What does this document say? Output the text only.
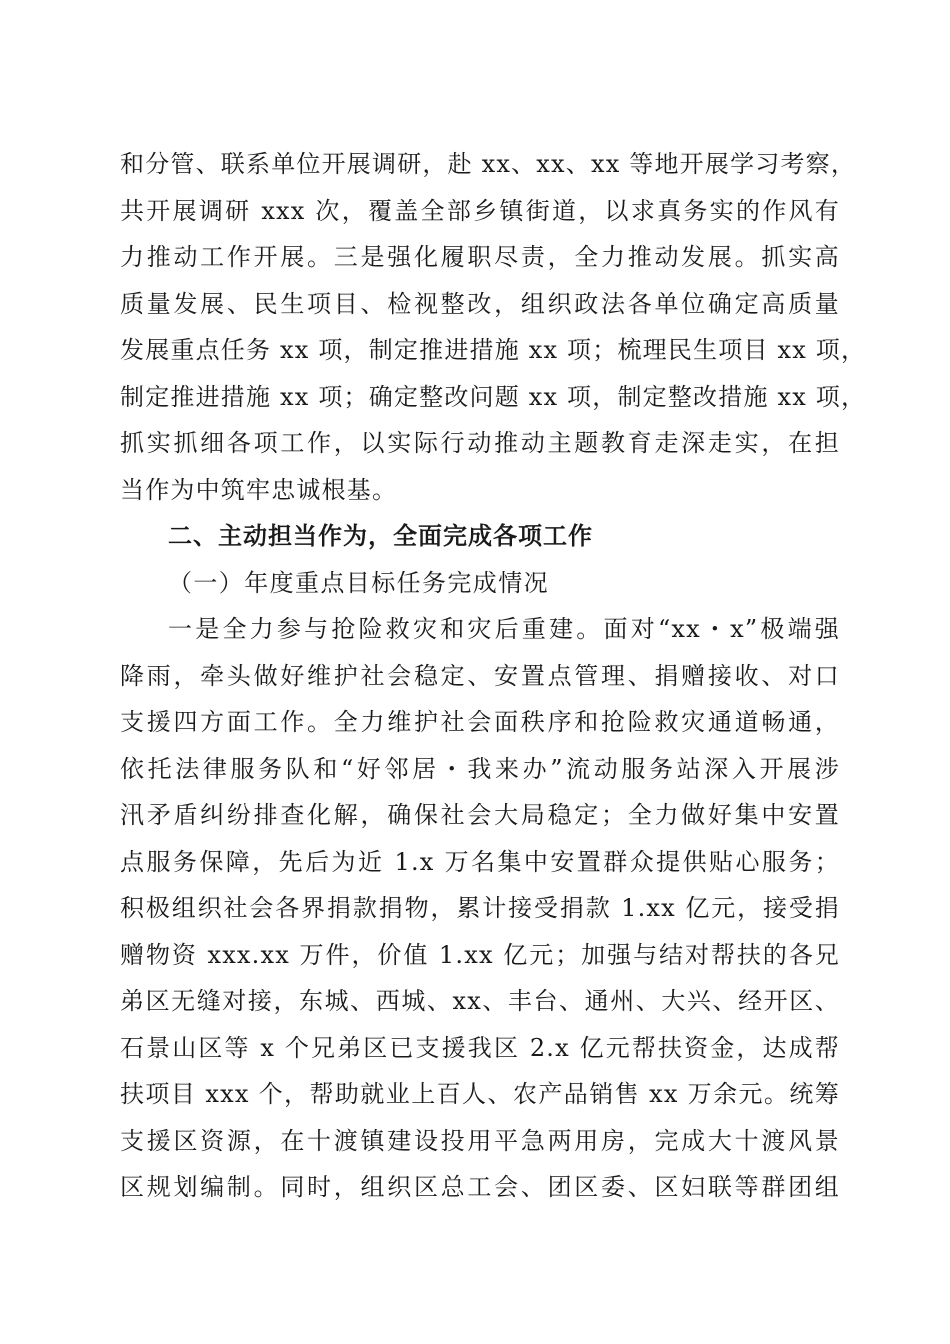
和分管、联系单位开展调研，赴 xx、xx、xx 等地开展学习考察，
共开展调研 xxx 次，覆盖全部乡镇街道，以求真务实的作风有
力推动工作开展。三是强化履职尽责，全力推动发展。抓实高
质量发展、民生项目、检视整改，组织政法各单位确定高质量
发展重点任务 xx 项，制定推进措施 xx 项；梳理民生项目 xx 项，
制定推进措施 xx 项；确定整改问题 xx 项，制定整改措施 xx 项，
抓实抓细各项工作，以实际行动推动主题教育走深走实，在担
当作为中筑牢忠诚根基。
二、主动担当作为，全面完成各项工作
（一）年度重点目标任务完成情况
一是全力参与抢险救灾和灾后重建。面对“xx・x”极端强
降雨，牵头做好维护社会稳定、安置点管理、捐赠接收、对口
支援四方面工作。全力维护社会面秩序和抢险救灾通道畅通，
依托法律服务队和“好邻居・我来办”流动服务站深入开展涉
汛矛盾纠纷排查化解，确保社会大局稳定；全力做好集中安置
点服务保障，先后为近 1.x 万名集中安置群众提供贴心服务；
积极组织社会各界捐款捐物，累计接受捐款 1.xx 亿元，接受捐
赠物资 xxx.xx 万件，价值 1.xx 亿元；加强与结对帮扶的各兄
弟区无缝对接，东城、西城、xx、丰台、通州、大兴、经开区、
石景山区等 x 个兄弟区已支援我区 2.x 亿元帮扶资金，达成帮
扶项目 xxx 个，帮助就业上百人、农产品销售 xx 万余元。统筹
支援区资源，在十渡镇建设投用平急两用房，完成大十渡风景
区规划编制。同时，组织区总工会、团区委、区妇联等群团组
